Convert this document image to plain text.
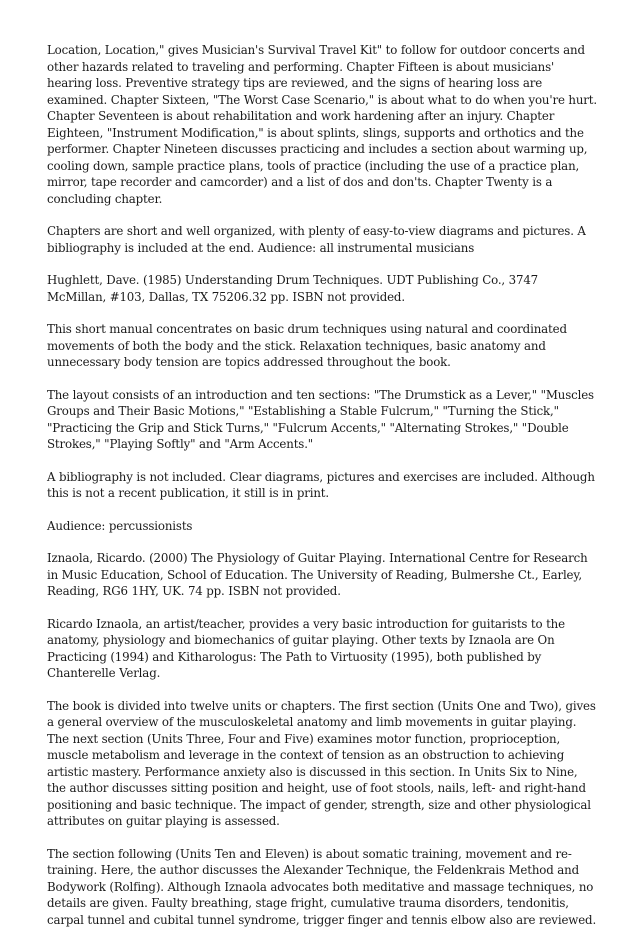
Location, Location," gives Musician's Survival Travel Kit" to follow for outdoor concerts and other hazards related to traveling and performing. Chapter Fifteen is about musicians' hearing loss. Preventive strategy tips are reviewed, and the signs of hearing loss are examined. Chapter Sixteen, "The Worst Case Scenario," is about what to do when you're hurt. Chapter Seventeen is about rehabilitation and work hardening after an injury. Chapter Eighteen, "Instrument Modification," is about splints, slings, supports and orthotics and the performer. Chapter Nineteen discusses practicing and includes a section about warming up, cooling down, sample practice plans, tools of practice (including the use of a practice plan, mirror, tape recorder and camcorder) and a list of dos and don'ts. Chapter Twenty is a concluding chapter.

Chapters are short and well organized, with plenty of easy-to-view diagrams and pictures. A bibliography is included at the end. Audience: all instrumental musicians

Hughlett, Dave. (1985) Understanding Drum Techniques. UDT Publishing Co., 3747 McMillan, #103, Dallas, TX 75206.32 pp. ISBN not provided.

This short manual concentrates on basic drum techniques using natural and coordinated movements of both the body and the stick. Relaxation techniques, basic anatomy and unnecessary body tension are topics addressed throughout the book.

The layout consists of an introduction and ten sections: "The Drumstick as a Lever," "Muscles Groups and Their Basic Motions," "Establishing a Stable Fulcrum," "Turning the Stick," "Practicing the Grip and Stick Turns," "Fulcrum Accents," "Alternating Strokes," "Double Strokes," "Playing Softly" and "Arm Accents."

A bibliography is not included. Clear diagrams, pictures and exercises are included. Although this is not a recent publication, it still is in print.

Audience: percussionists

Iznaola, Ricardo. (2000) The Physiology of Guitar Playing. International Centre for Research in Music Education, School of Education. The University of Reading, Bulmershe Ct., Earley, Reading, RG6 1HY, UK. 74 pp. ISBN not provided.

Ricardo Iznaola, an artist/teacher, provides a very basic introduction for guitarists to the anatomy, physiology and biomechanics of guitar playing. Other texts by Iznaola are On Practicing (1994) and Kitharologus: The Path to Virtuosity (1995), both published by Chanterelle Verlag.

The book is divided into twelve units or chapters. The first section (Units One and Two), gives a general overview of the musculoskeletal anatomy and limb movements in guitar playing. The next section (Units Three, Four and Five) examines motor function, proprioception, muscle metabolism and leverage in the context of tension as an obstruction to achieving artistic mastery. Performance anxiety also is discussed in this section. In Units Six to Nine, the author discusses sitting position and height, use of foot stools, nails, left- and right-hand positioning and basic technique. The impact of gender, strength, size and other physiological attributes on guitar playing is assessed.

The section following (Units Ten and Eleven) is about somatic training, movement and re-training. Here, the author discusses the Alexander Technique, the Feldenkrais Method and Bodywork (Rolfing). Although Iznaola advocates both meditative and massage techniques, no details are given. Faulty breathing, stage fright, cumulative trauma disorders, tendonitis, carpal tunnel and cubital tunnel syndrome, trigger finger and tennis elbow also are reviewed.
